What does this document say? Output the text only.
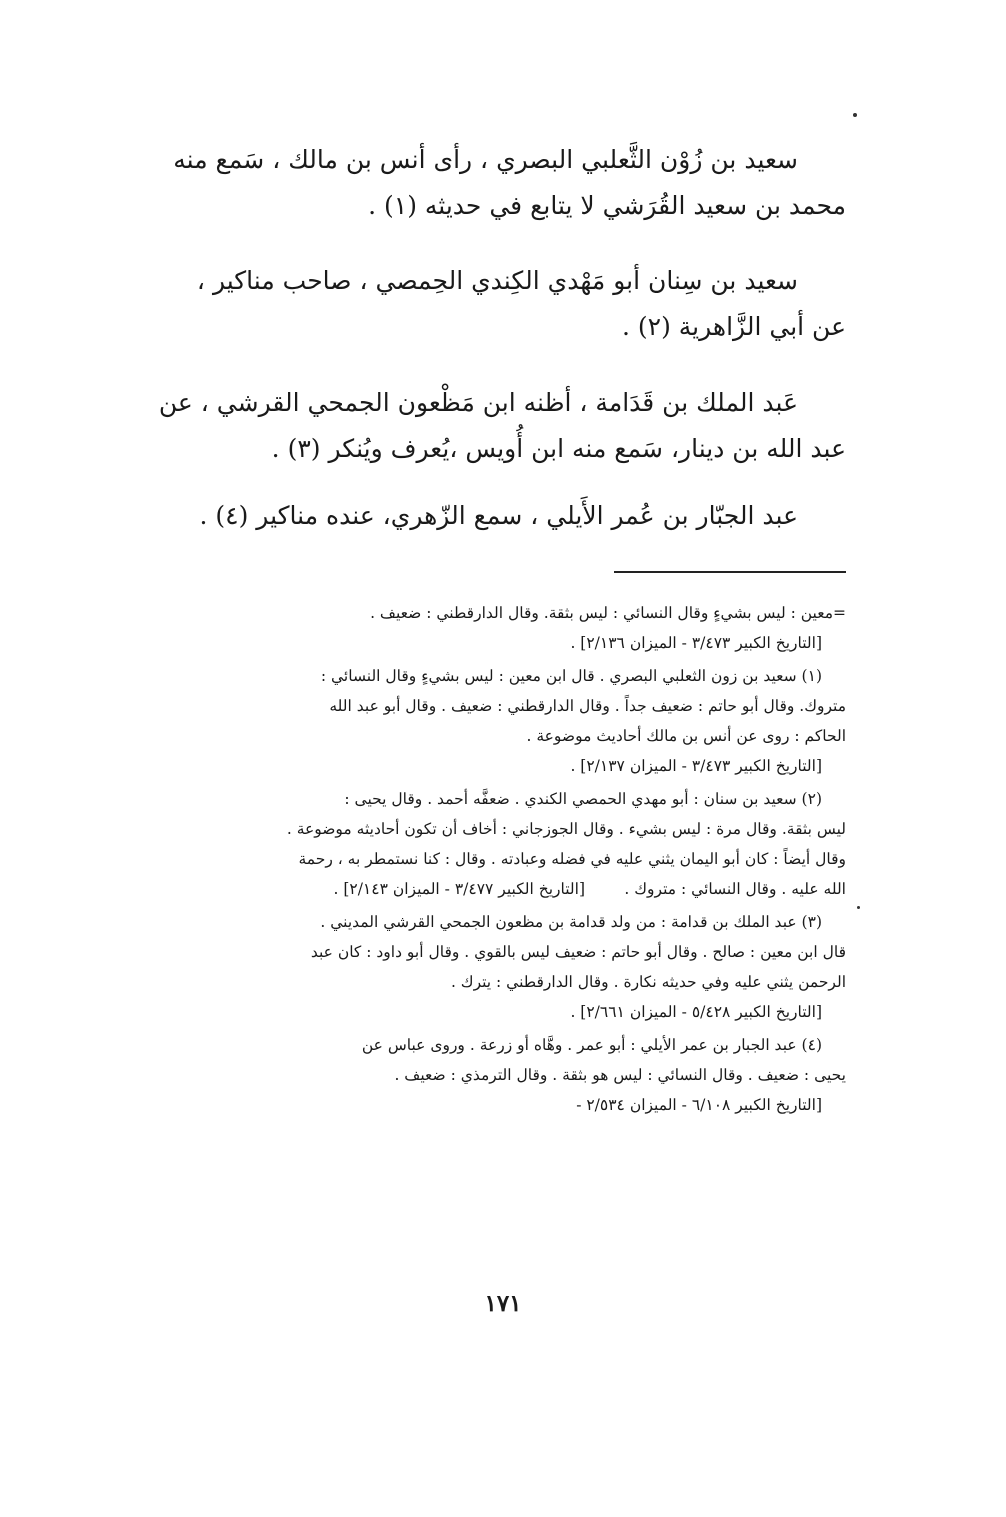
سعيد بن زُوْن الثَّعلبي البصري ، رأى أنس بن مالك ، سَمع منه
محمد بن سعيد القُرَشي لا يتابع في حديثه (١) .
سعيد بن سِنان أبو مَهْدي الكِندي الحِمصي ، صاحب مناكير ،
عن أبي الزَّاهرية (٢) .
عَبد الملك بن قَدَامة ، أظنه ابن مَظْعون الجمحي القرشي ، عن
عبد الله بن دينار، سَمع منه ابن أُويس ،يُعرف ويُنكر (٣) .
عبد الجبّار بن عُمر الأَيلي ، سمع الزّهري، عنده مناكير (٤) .

=معين : ليس بشيءٍ وقال النسائي : ليس بثقة. وقال الدارقطني : ضعيف .

[التاريخ الكبير ٣/٤٧٣ - الميزان ٢/١٣٦] .

(١) سعيد بن زون الثعلبي البصري . قال ابن معين : ليس بشيءٍ وقال النسائي :

متروك. وقال أبو حاتم : ضعيف جداً . وقال الدارقطني : ضعيف . وقال أبو عبد الله

الحاكم : روى عن أنس بن مالك أحاديث موضوعة .

[التاريخ الكبير ٣/٤٧٣ - الميزان ٢/١٣٧] .

(٢) سعيد بن سنان : أبو مهدي الحمصي الكندي . ضعفَّه أحمد . وقال يحيى :

ليس بثقة. وقال مرة : ليس بشيء . وقال الجوزجاني : أخاف أن تكون أحاديثه موضوعة .

وقال أيضاً : كان أبو اليمان يثني عليه في فضله وعبادته . وقال : كنا نستمطر به ، رحمة

الله عليه . وقال النسائي : متروك .        [التاريخ الكبير ٣/٤٧٧ - الميزان ٢/١٤٣] .

(٣) عبد الملك بن قدامة : من ولد قدامة بن مظعون الجمحي القرشي المديني .

قال ابن معين : صالح . وقال أبو حاتم : ضعيف ليس بالقوي . وقال أبو داود : كان عبد

الرحمن يثني عليه وفي حديثه نكارة . وقال الدارقطني : يترك .

[التاريخ الكبير ٥/٤٢٨ - الميزان ٢/٦٦١] .

(٤) عبد الجبار بن عمر الأيلي : أبو عمر . وهَّاه أو زرعة . وروى عباس عن

يحيى : ضعيف . وقال النسائي : ليس هو بثقة . وقال الترمذي : ضعيف .

[التاريخ الكبير ٦/١٠٨ - الميزان ٢/٥٣٤ -

١٧١
